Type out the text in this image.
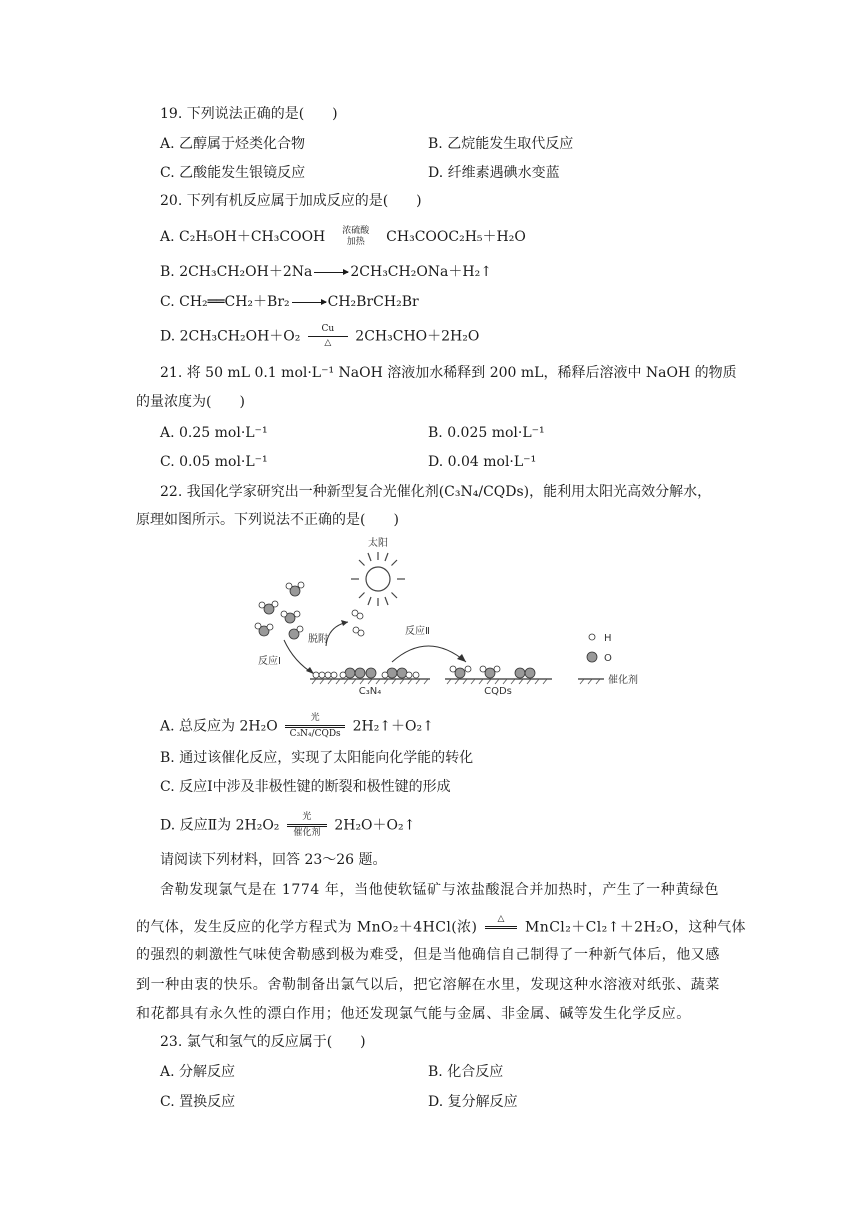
19. 下列说法正确的是(　　)
A. 乙醇属于烃类化合物	B. 乙烷能发生取代反应
C. 乙酸能发生银镜反应	D. 纤维素遇碘水变蓝
20. 下列有机反应属于加成反应的是(　　)
A. C₂H₅OH＋CH₃COOH	浓硫酸
加热	CH₃COOC₂H₅＋H₂O
B. 2CH₃CH₂OH＋2Na → 2CH₃CH₂ONa＋H₂↑
C. CH₂══CH₂＋Br₂ → CH₂BrCH₂Br
D. 2CH₃CH₂OH＋O₂	Cu
△	2CH₃CHO＋2H₂O
21. 将 50 mL 0.1 mol·L⁻¹ NaOH 溶液加水稀释到 200 mL，稀释后溶液中 NaOH 的物质
的量浓度为(　　)
A. 0.25 mol·L⁻¹	B. 0.025 mol·L⁻¹
C. 0.05 mol·L⁻¹	D. 0.04 mol·L⁻¹
22. 我国化学家研究出一种新型复合光催化剂(C₃N₄/CQDs)，能利用太阳光高效分解水，
原理如图所示。下列说法不正确的是(　　)
太阳
脱附
反应Ⅰ
反应Ⅱ
C₃N₄	CQDs
H
O
催化剂
A. 总反应为 2H₂O
光
C₃N₄/CQDs 2H₂↑＋O₂↑
B. 通过该催化反应，实现了太阳能向化学能的转化
C. 反应Ⅰ中涉及非极性键的断裂和极性键的形成
D. 反应Ⅱ为 2H₂O₂
光
催化剂 2H₂O＋O₂↑
请阅读下列材料，回答 23～26 题。
舍勒发现氯气是在 1774 年，当他使软锰矿与浓盐酸混合并加热时，产生了一种黄绿色
的气体，发生反应的化学方程式为 MnO₂＋4HCl(浓)
△

MnCl₂＋Cl₂↑＋2H₂O，这种气体
的强烈的刺激性气味使舍勒感到极为难受，但是当他确信自己制得了一种新气体后，他又感
到一种由衷的快乐。舍勒制备出氯气以后，把它溶解在水里，发现这种水溶液对纸张、蔬菜
和花都具有永久性的漂白作用；他还发现氯气能与金属、非金属、碱等发生化学反应。
23. 氯气和氢气的反应属于(　　)
A. 分解反应	B. 化合反应
C. 置换反应	D. 复分解反应
